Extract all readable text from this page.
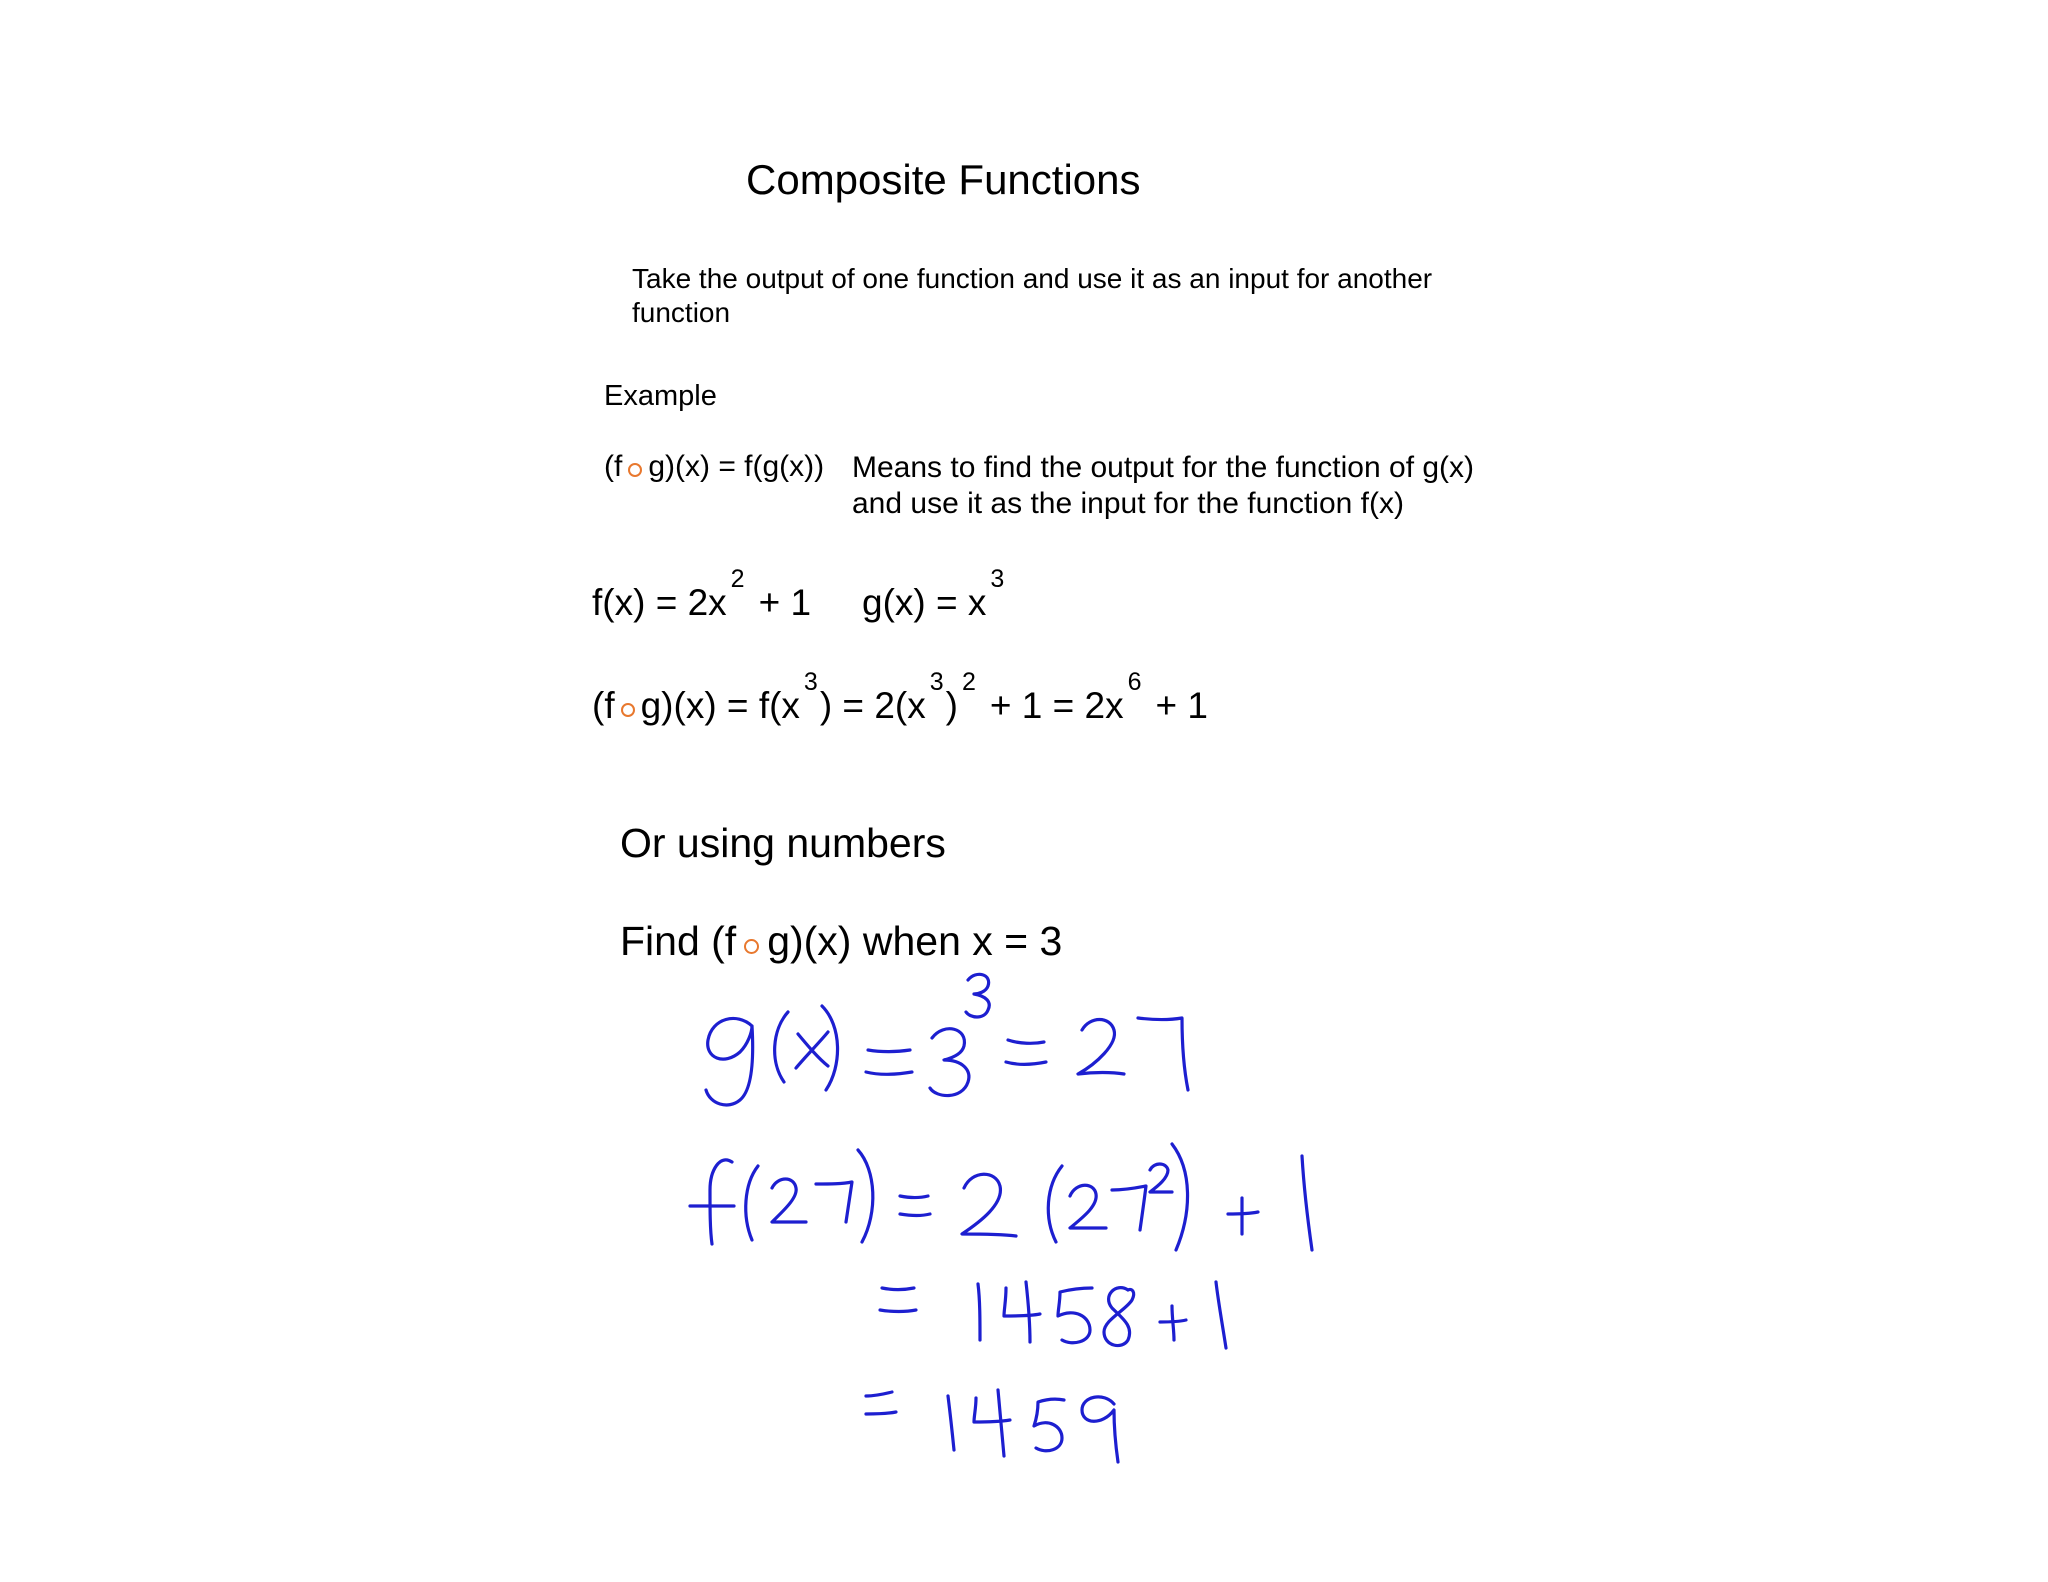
Composite Functions
Take the output of one function and use it as an input for another function
Example
(f g)(x) = f(g(x)) Means to find the output for the function of g(x)
and use it as the input for the function f(x)
$f(x) = 2x^2+ 1$ $g(x) = x^3$
(f $g)(x) = f(x^3) = 2(x^3)^2+ 1 = 2x^6+ 1$
Or using numbers
Find (f g)(x) when x = 3
